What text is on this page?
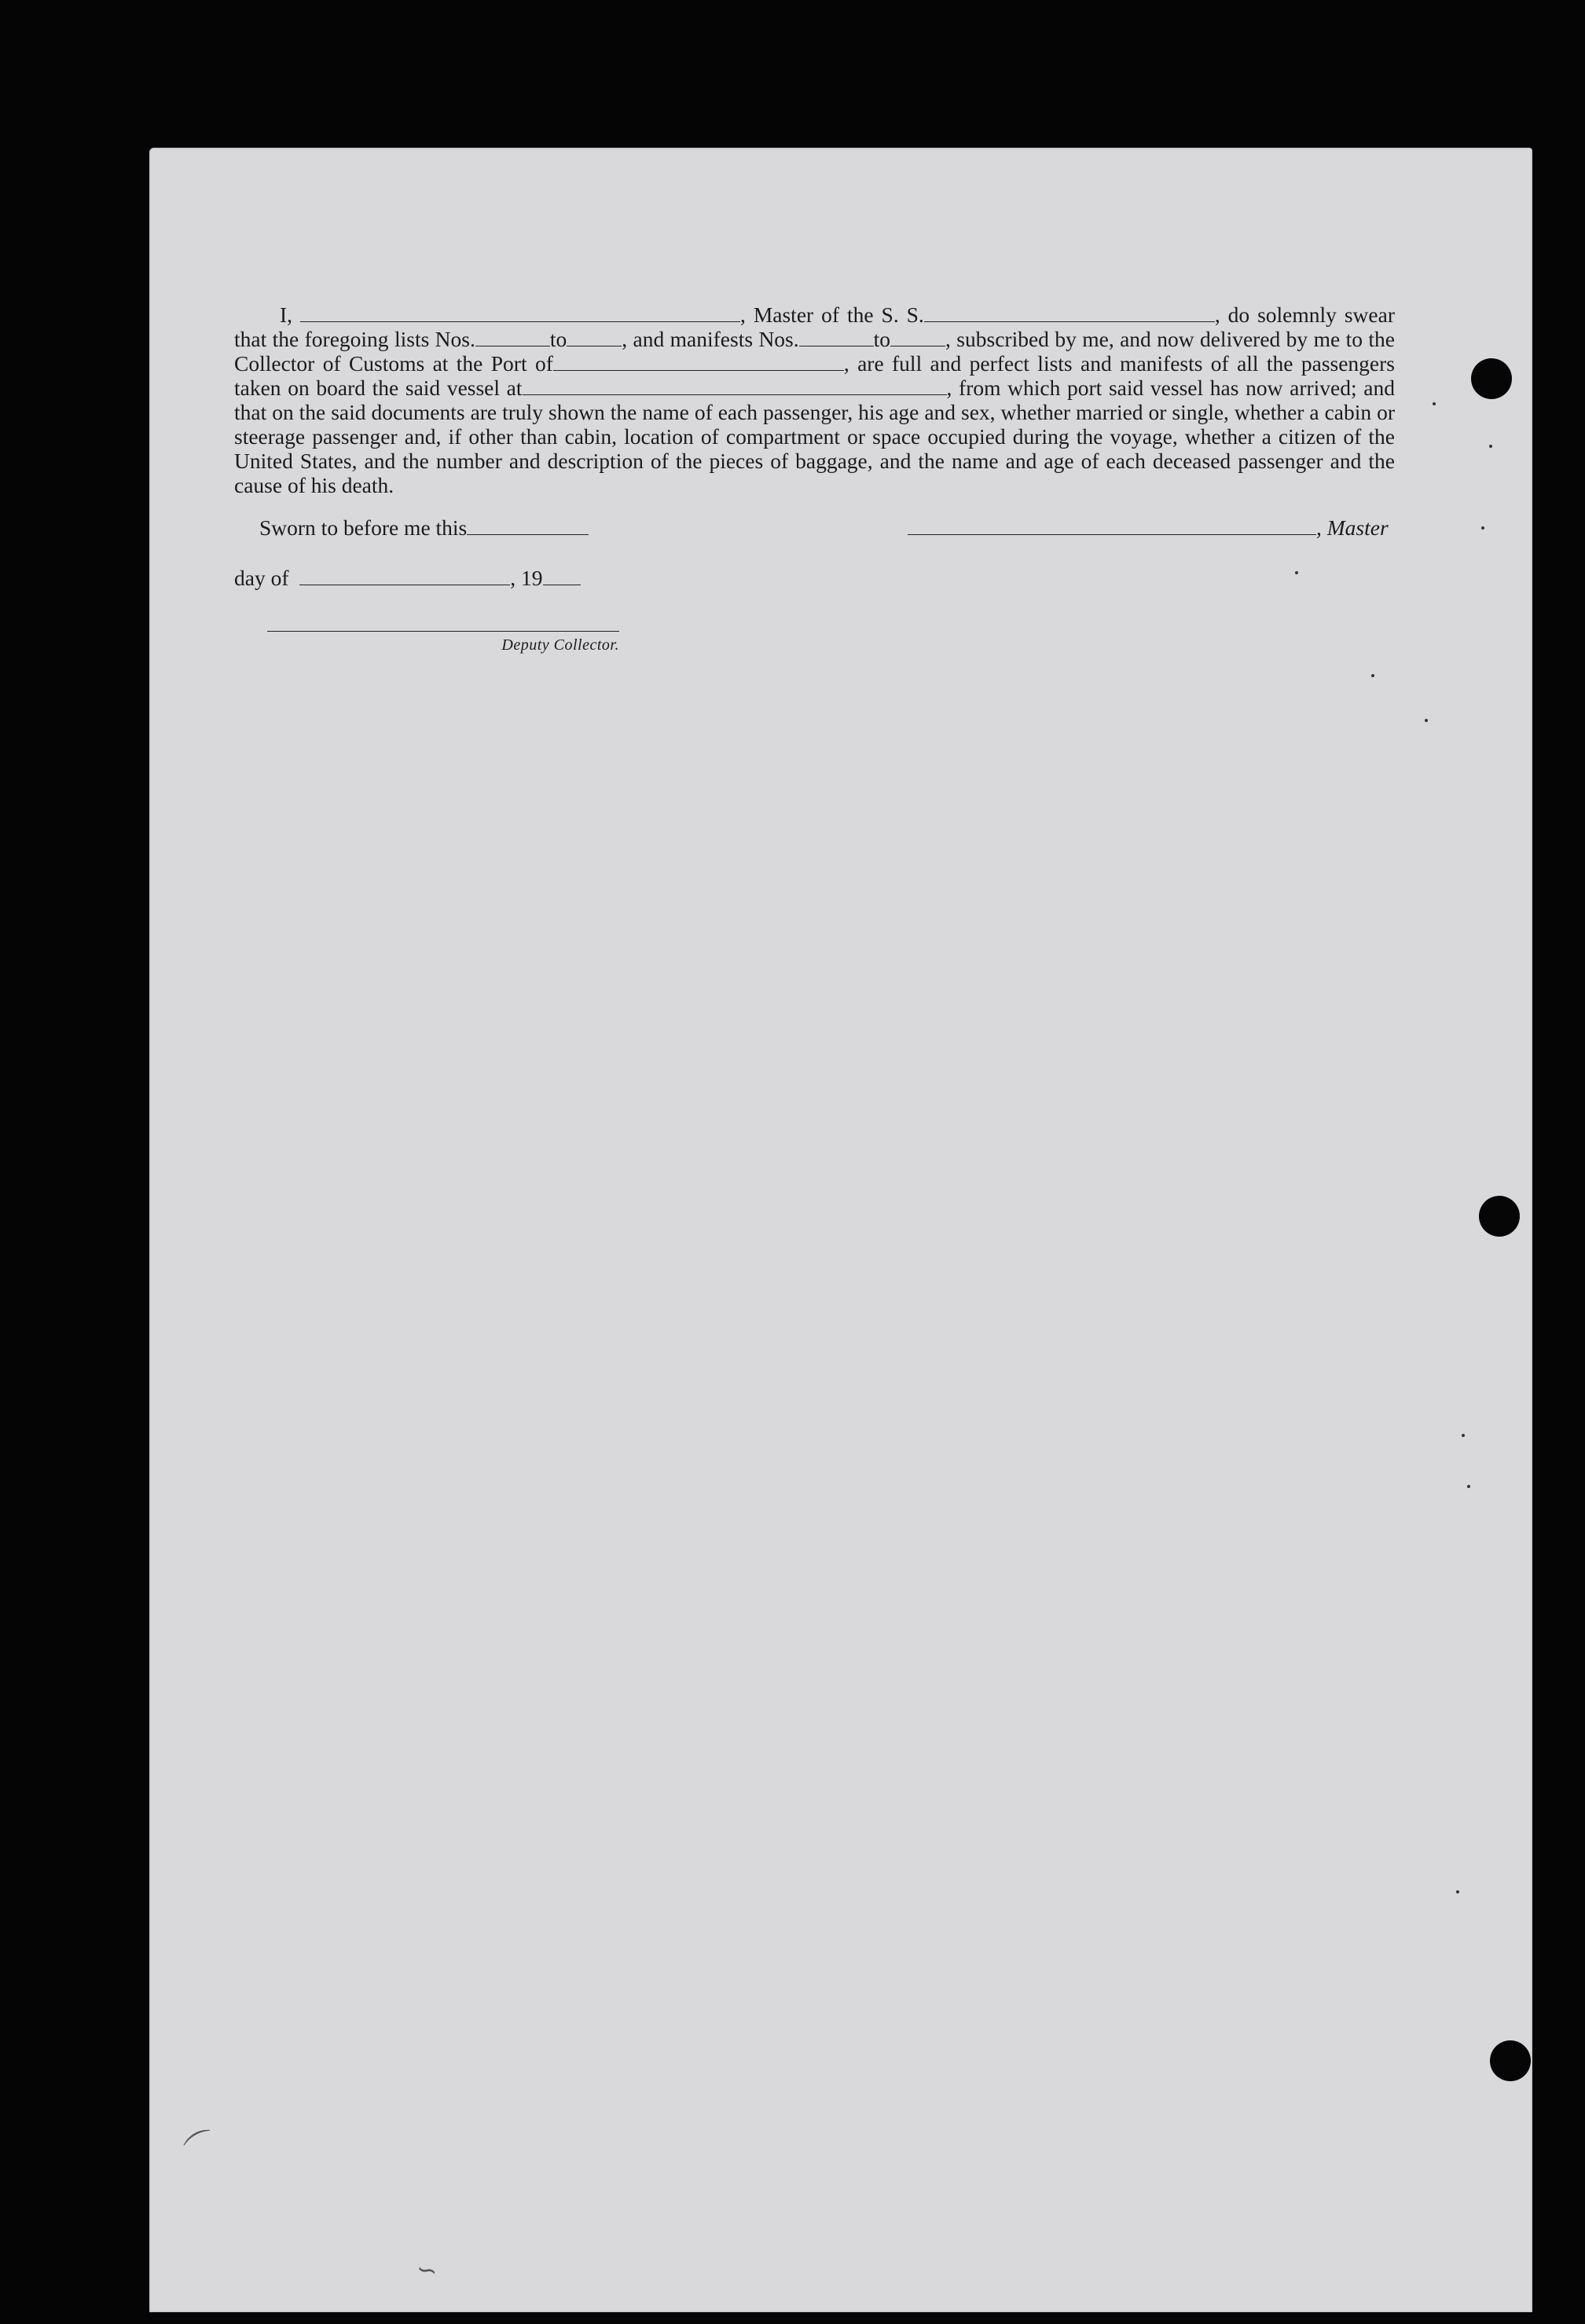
I,	, Master of the S. S.	, do solemnly swear that the foregoing lists Nos.	to	, and manifests Nos.	to	, subscribed by me, and now delivered by me to the Collector of Customs at the Port of	, are full and perfect lists and manifests of all the passengers taken on board the said vessel at	, from which port said vessel has now arrived; and that on the said documents are truly shown the name of each passenger, his age and sex, whether married or single, whether a cabin or steerage passenger and, if other than cabin, location of compartment or space occupied during the voyage, whether a citizen of the United States, and the number and description of the pieces of baggage, and the name and age of each deceased passenger and the cause of his death.
Sworn to before me this	, Master
day of	, 19
Deputy Collector.
⌒
∽
